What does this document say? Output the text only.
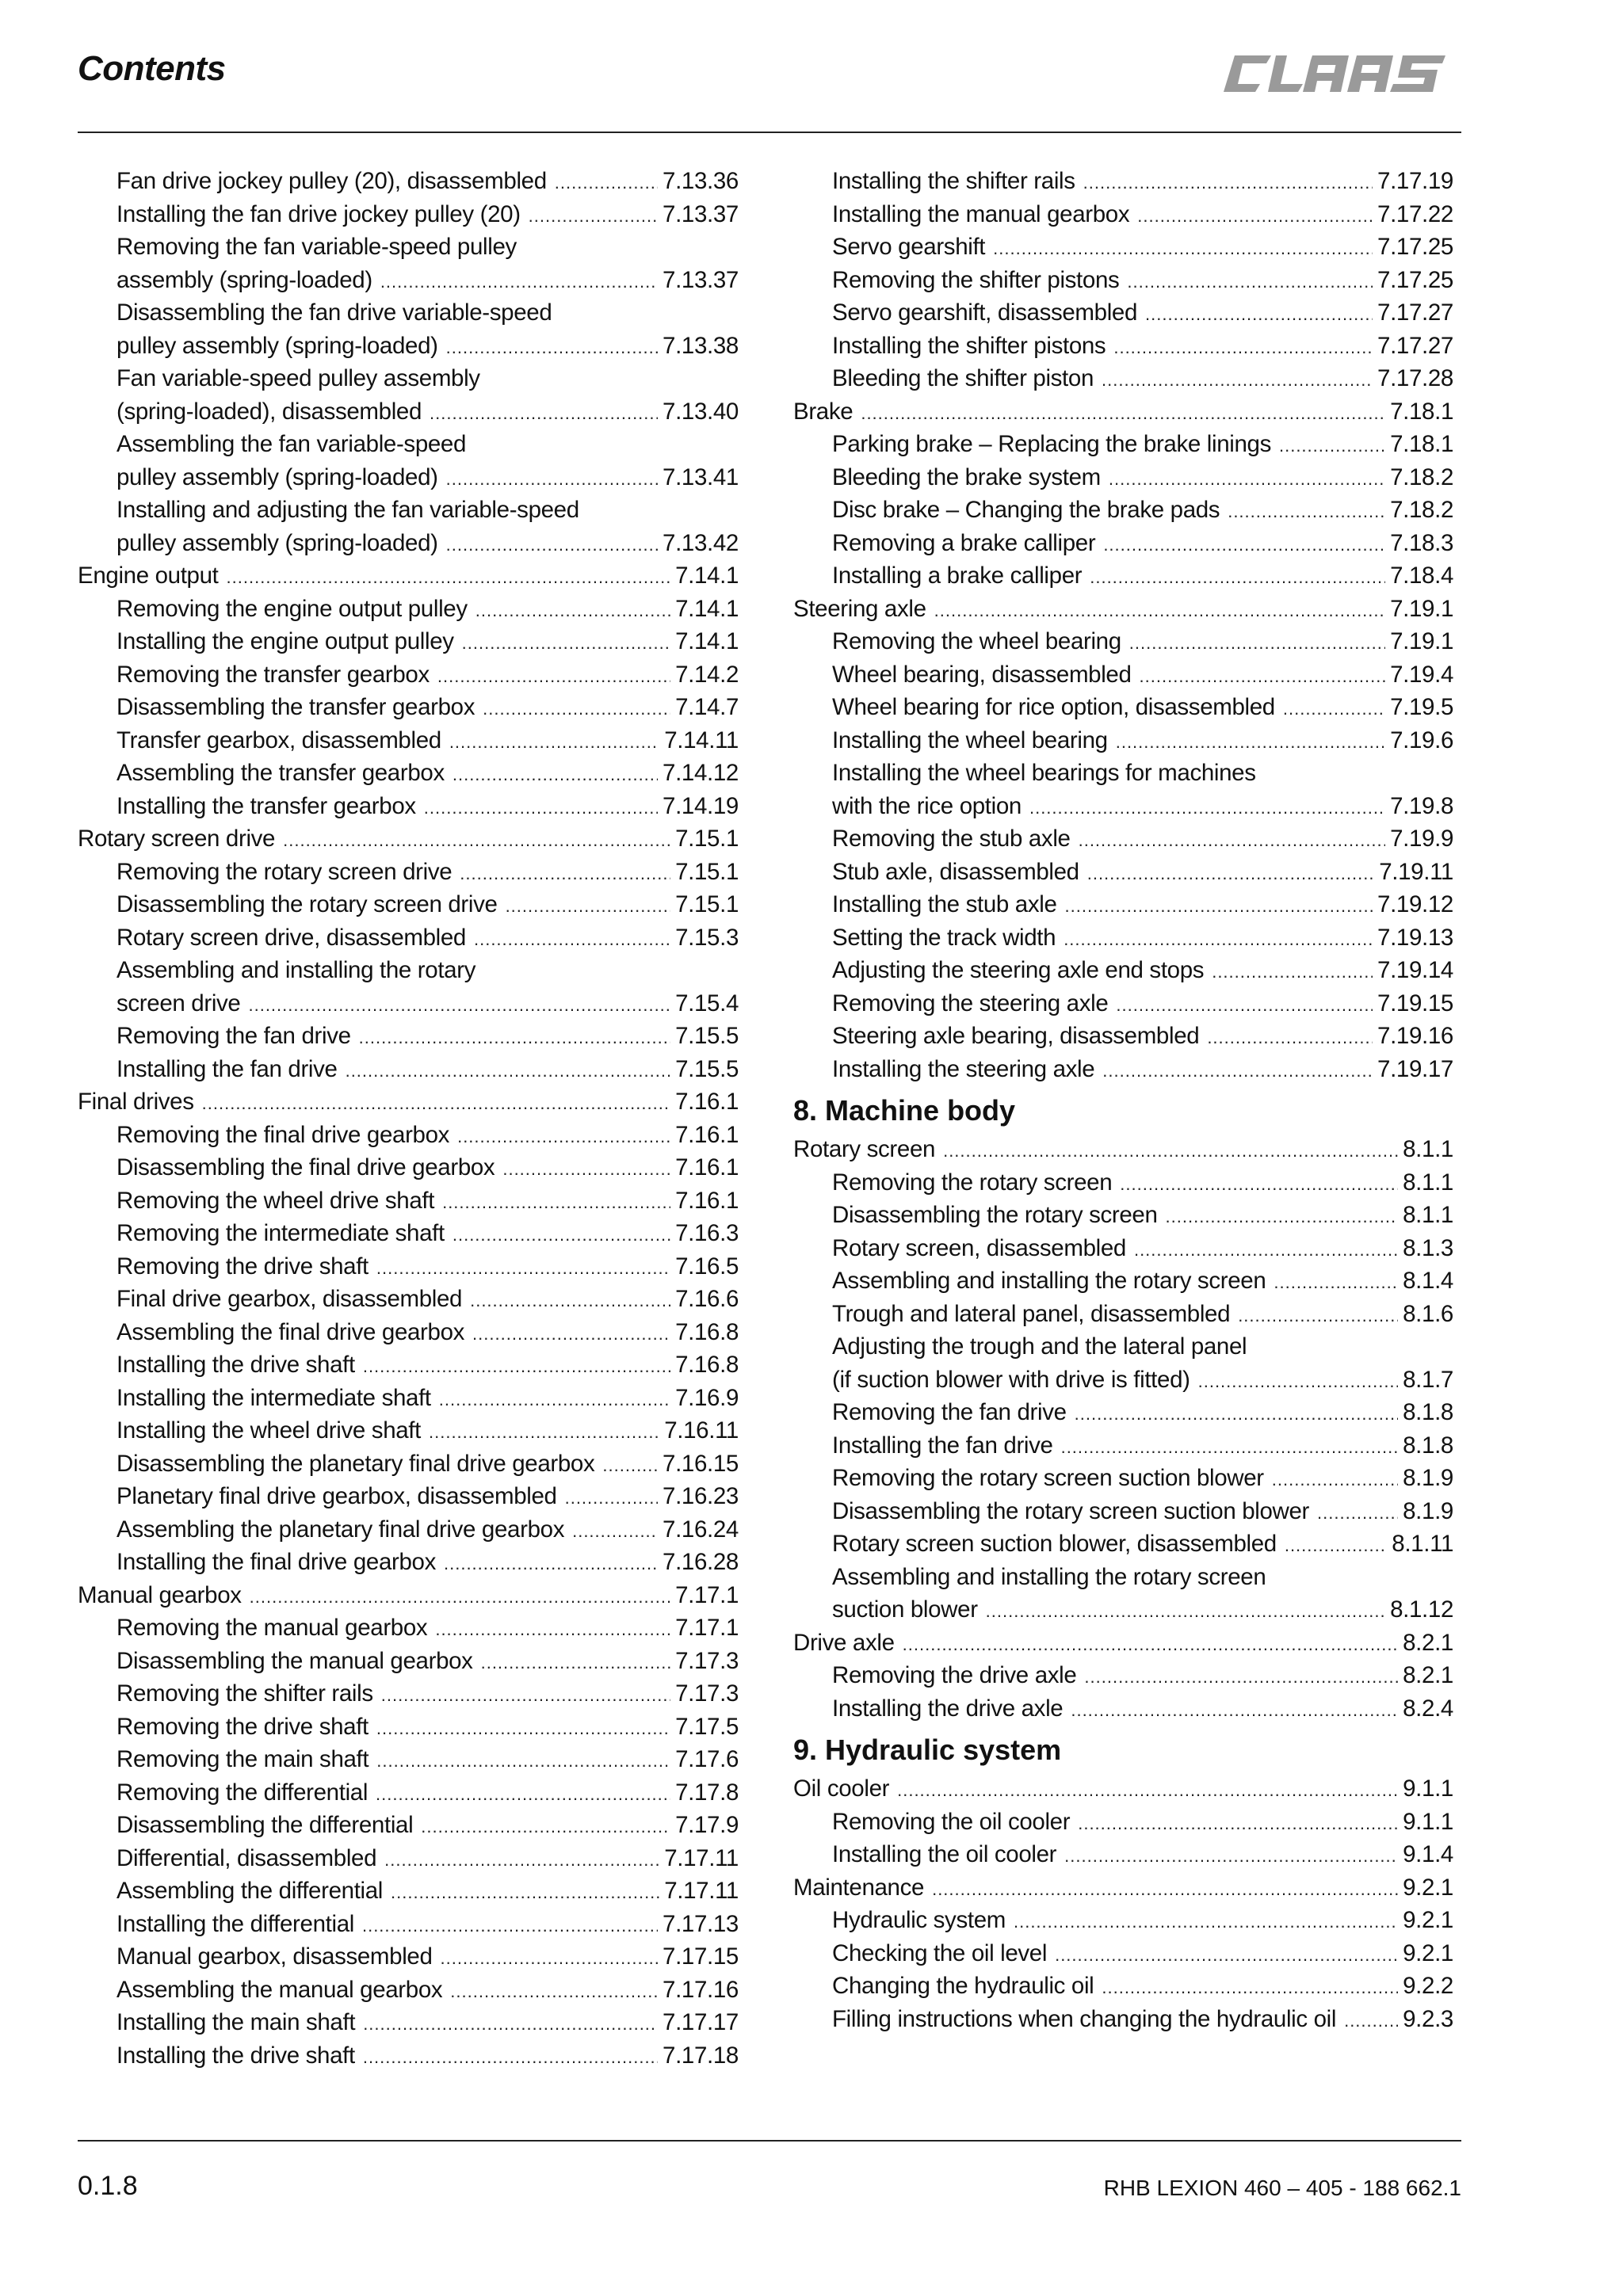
Contents
Fan drive jockey pulley (20), disassembled .....	7.13.36
Installing the fan drive jockey pulley (20) .....	7.13.37
Removing the fan variable-speed pulley
assembly (spring-loaded) .....	7.13.37
Disassembling the fan drive variable-speed
pulley assembly (spring-loaded) .....	7.13.38
Fan variable-speed pulley assembly
(spring-loaded), disassembled .....	7.13.40
Assembling the fan variable-speed
pulley assembly (spring-loaded) .....	7.13.41
Installing and adjusting the fan variable-speed
pulley assembly (spring-loaded) .....	7.13.42
Engine output .....	7.14.1
Removing the engine output pulley .....	7.14.1
Installing the engine output pulley .....	7.14.1
Removing the transfer gearbox .....	7.14.2
Disassembling the transfer gearbox .....	7.14.7
Transfer gearbox, disassembled .....	7.14.11
Assembling the transfer gearbox .....	7.14.12
Installing the transfer gearbox .....	7.14.19
Rotary screen drive .....	7.15.1
Removing the rotary screen drive .....	7.15.1
Disassembling the rotary screen drive .....	7.15.1
Rotary screen drive, disassembled .....	7.15.3
Assembling and installing the rotary
screen drive .....	7.15.4
Removing the fan drive .....	7.15.5
Installing the fan drive .....	7.15.5
Final drives .....	7.16.1
Removing the final drive gearbox .....	7.16.1
Disassembling the final drive gearbox .....	7.16.1
Removing the wheel drive shaft .....	7.16.1
Removing the intermediate shaft .....	7.16.3
Removing the drive shaft .....	7.16.5
Final drive gearbox, disassembled .....	7.16.6
Assembling the final drive gearbox .....	7.16.8
Installing the drive shaft .....	7.16.8
Installing the intermediate shaft .....	7.16.9
Installing the wheel drive shaft .....	7.16.11
Disassembling the planetary final drive gearbox .....	7.16.15
Planetary final drive gearbox, disassembled .....	7.16.23
Assembling the planetary final drive gearbox .....	7.16.24
Installing the final drive gearbox .....	7.16.28
Manual gearbox .....	7.17.1
Removing the manual gearbox .....	7.17.1
Disassembling the manual gearbox .....	7.17.3
Removing the shifter rails .....	7.17.3
Removing the drive shaft .....	7.17.5
Removing the main shaft .....	7.17.6
Removing the differential .....	7.17.8
Disassembling the differential .....	7.17.9
Differential, disassembled .....	7.17.11
Assembling the differential .....	7.17.11
Installing the differential .....	7.17.13
Manual gearbox, disassembled .....	7.17.15
Assembling the manual gearbox .....	7.17.16
Installing the main shaft .....	7.17.17
Installing the drive shaft .....	7.17.18
Installing the shifter rails .....	7.17.19
Installing the manual gearbox .....	7.17.22
Servo gearshift .....	7.17.25
Removing the shifter pistons .....	7.17.25
Servo gearshift, disassembled .....	7.17.27
Installing the shifter pistons .....	7.17.27
Bleeding the shifter piston .....	7.17.28
Brake .....	7.18.1
Parking brake – Replacing the brake linings .....	7.18.1
Bleeding the brake system .....	7.18.2
Disc brake – Changing the brake pads .....	7.18.2
Removing a brake calliper .....	7.18.3
Installing a brake calliper .....	7.18.4
Steering axle .....	7.19.1
Removing the wheel bearing .....	7.19.1
Wheel bearing, disassembled .....	7.19.4
Wheel bearing for rice option, disassembled .....	7.19.5
Installing the wheel bearing .....	7.19.6
Installing the wheel bearings for machines
with the rice option .....	7.19.8
Removing the stub axle .....	7.19.9
Stub axle, disassembled .....	7.19.11
Installing the stub axle .....	7.19.12
Setting the track width .....	7.19.13
Adjusting the steering axle end stops .....	7.19.14
Removing the steering axle .....	7.19.15
Steering axle bearing, disassembled .....	7.19.16
Installing the steering axle .....	7.19.17
8. Machine body
Rotary screen .....	8.1.1
Removing the rotary screen .....	8.1.1
Disassembling the rotary screen .....	8.1.1
Rotary screen, disassembled .....	8.1.3
Assembling and installing the rotary screen .....	8.1.4
Trough and lateral panel, disassembled .....	8.1.6
Adjusting the trough and the lateral panel
(if suction blower with drive is fitted) .....	8.1.7
Removing the fan drive .....	8.1.8
Installing the fan drive .....	8.1.8
Removing the rotary screen suction blower .....	8.1.9
Disassembling the rotary screen suction blower .....	8.1.9
Rotary screen suction blower, disassembled .....	8.1.11
Assembling and installing the rotary screen
suction blower .....	8.1.12
Drive axle .....	8.2.1
Removing the drive axle .....	8.2.1
Installing the drive axle .....	8.2.4
9. Hydraulic system
Oil cooler .....	9.1.1
Removing the oil cooler .....	9.1.1
Installing the oil cooler .....	9.1.4
Maintenance .....	9.2.1
Hydraulic system .....	9.2.1
Checking the oil level .....	9.2.1
Changing the hydraulic oil .....	9.2.2
Filling instructions when changing the hydraulic oil .....	9.2.3
0.1.8	RHB LEXION 460 – 405 - 188 662.1
